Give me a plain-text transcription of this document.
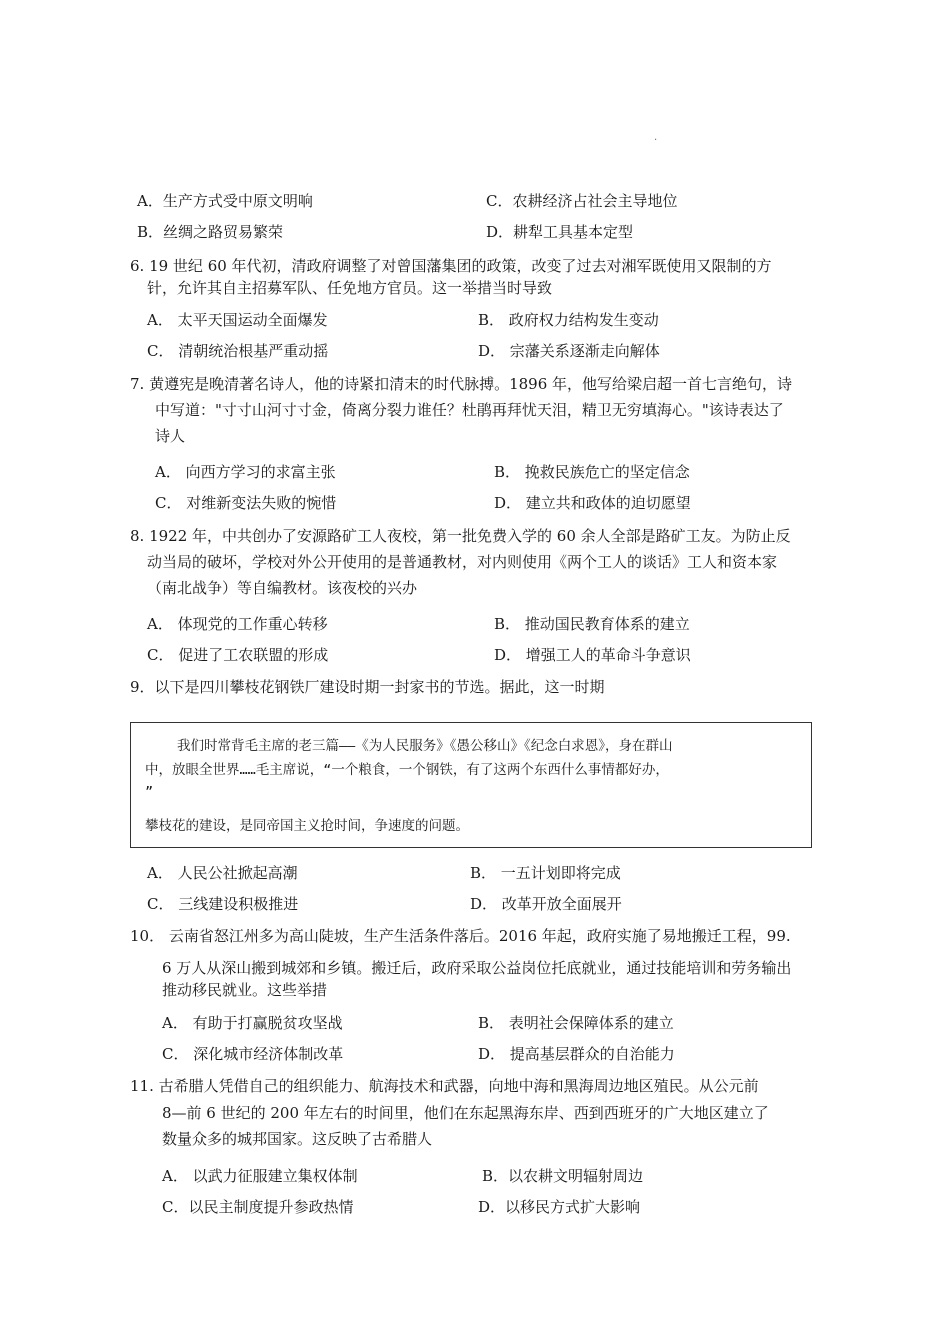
.
A．生产方式受中原文明响	C．农耕经济占社会主导地位
B．丝绸之路贸易繁荣	D．耕犁工具基本定型
6. 19 世纪 60 年代初，清政府调整了对曾国藩集团的政策，改变了过去对湘军既使用又限制的方
针，允许其自主招募军队、任免地方官员。这一举措当时导致
A． 太平天国运动全面爆发	B． 政府权力结构发生变动
C． 清朝统治根基严重动摇	D． 宗藩关系逐渐走向解体
7. 黄遵宪是晚清著名诗人，他的诗紧扣清末的时代脉搏。1896 年，他写给梁启超一首七言绝句，诗
中写道："寸寸山河寸寸金，倚离分裂力谁任？杜鹃再拜忧天泪，精卫无穷填海心。"该诗表达了
诗人
A． 向西方学习的求富主张	B． 挽救民族危亡的坚定信念
C． 对维新变法失败的惋惜	D． 建立共和政体的迫切愿望
8. 1922 年，中共创办了安源路矿工人夜校，第一批免费入学的 60 余人全部是路矿工友。为防止反
动当局的破坏，学校对外公开使用的是普通教材，对内则使用《两个工人的谈话》工人和资本家
（南北战争）等自编教材。该夜校的兴办
A． 体现党的工作重心转移	B． 推动国民教育体系的建立
C． 促进了工农联盟的形成	D． 增强工人的革命斗争意识
9．以下是四川攀枝花钢铁厂建设时期一封家书的节选。据此，这一时期
我们时常背毛主席的老三篇——《为人民服务》《愚公移山》《纪念白求恩》，身在群山
中，放眼全世界……毛主席说，“一个粮食，一个钢铁，有了这两个东西什么事情都好办，
”
攀枝花的建设，是同帝国主义抢时间，争速度的问题。
A． 人民公社掀起高潮	B． 一五计划即将完成
C． 三线建设积极推进	D． 改革开放全面展开
10． 云南省怒江州多为高山陡坡，生产生活条件落后。2016 年起，政府实施了易地搬迁工程，99.
6 万人从深山搬到城郊和乡镇。搬迁后，政府采取公益岗位托底就业，通过技能培训和劳务输出
推动移民就业。这些举措
A． 有助于打赢脱贫攻坚战	B． 表明社会保障体系的建立
C． 深化城市经济体制改革	D． 提高基层群众的自治能力
11. 古希腊人凭借自己的组织能力、航海技术和武器，向地中海和黑海周边地区殖民。从公元前
8—前 6 世纪的 200 年左右的时间里，他们在东起黑海东岸、西到西班牙的广大地区建立了
数量众多的城邦国家。这反映了古希腊人
A． 以武力征服建立集权体制	B．以农耕文明辐射周边
C．以民主制度提升参政热情	D．以移民方式扩大影响
